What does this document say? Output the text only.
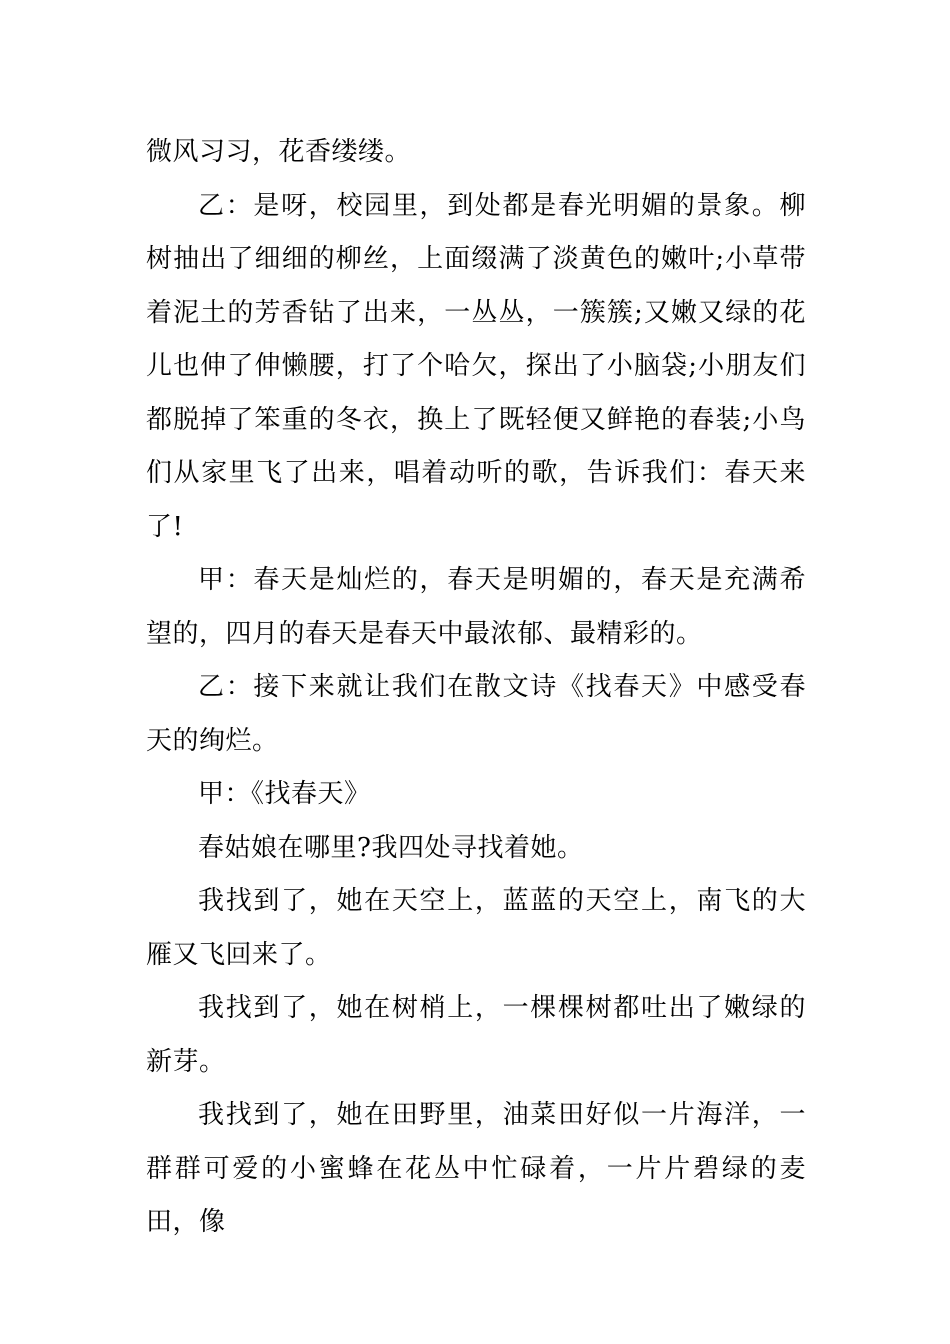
微风习习，花香缕缕。

乙：是呀，校园里，到处都是春光明媚的景象。柳树抽出了细细的柳丝，上面缀满了淡黄色的嫩叶;小草带着泥土的芳香钻了出来，一丛丛，一簇簇;又嫩又绿的花儿也伸了伸懒腰，打了个哈欠，探出了小脑袋;小朋友们都脱掉了笨重的冬衣，换上了既轻便又鲜艳的春装;小鸟们从家里飞了出来，唱着动听的歌，告诉我们：春天来了!

甲：春天是灿烂的，春天是明媚的，春天是充满希望的，四月的春天是春天中最浓郁、最精彩的。

乙：接下来就让我们在散文诗《找春天》中感受春天的绚烂。

甲：《找春天》

春姑娘在哪里?我四处寻找着她。

我找到了，她在天空上，蓝蓝的天空上，南飞的大雁又飞回来了。

我找到了，她在树梢上，一棵棵树都吐出了嫩绿的新芽。

我找到了，她在田野里，油菜田好似一片海洋，一群群可爱的小蜜蜂在花丛中忙碌着，一片片碧绿的麦田，像
